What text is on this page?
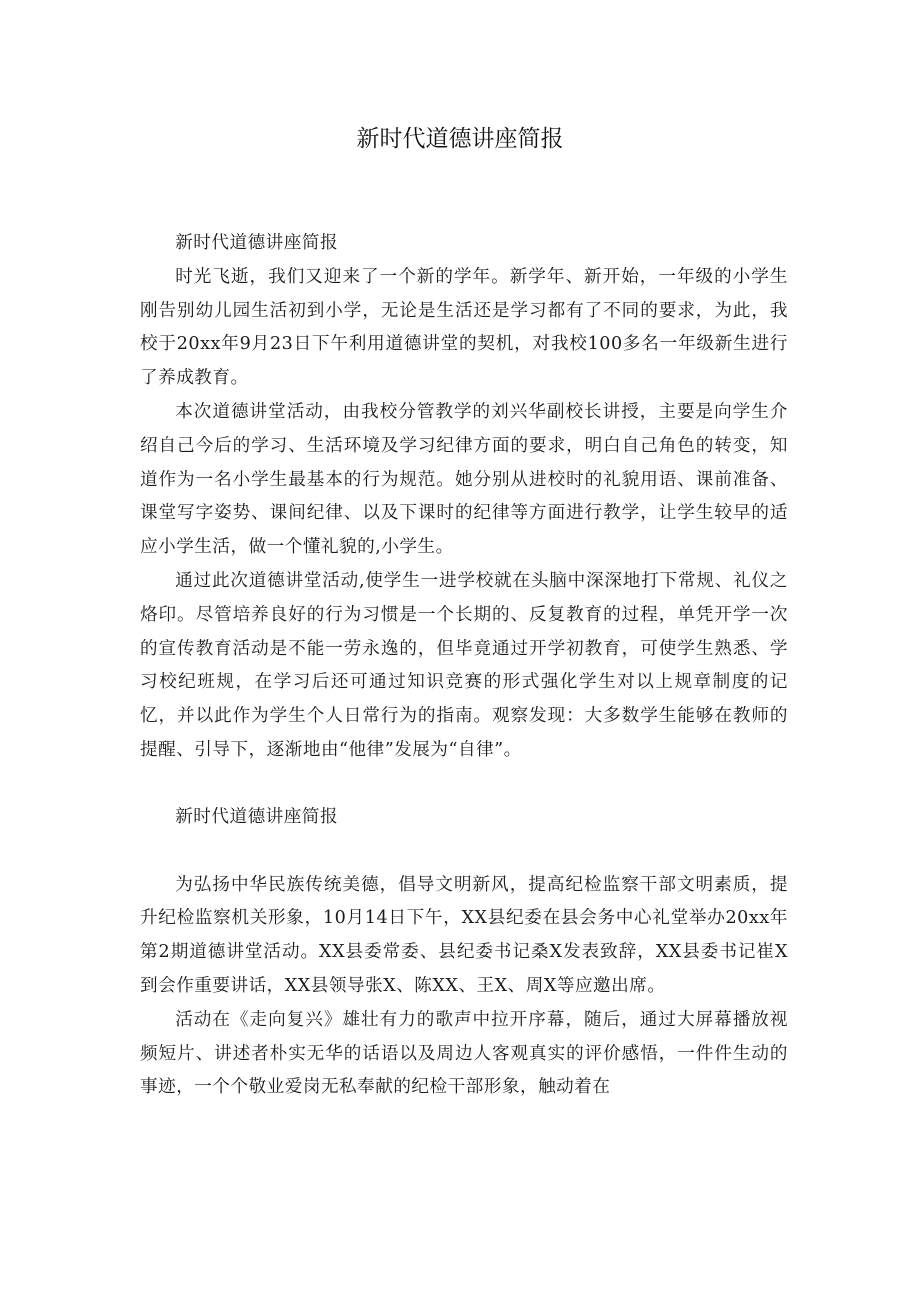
新时代道德讲座简报

新时代道德讲座简报

时光飞逝，我们又迎来了一个新的学年。新学年、新开始，一年级的小学生刚告别幼儿园生活初到小学，无论是生活还是学习都有了不同的要求，为此，我校于20xx年9月23日下午利用道德讲堂的契机，对我校100多名一年级新生进行了养成教育。

本次道德讲堂活动，由我校分管教学的刘兴华副校长讲授，主要是向学生介绍自己今后的学习、生活环境及学习纪律方面的要求，明白自己角色的转变，知道作为一名小学生最基本的行为规范。她分别从进校时的礼貌用语、课前准备、课堂写字姿势、课间纪律、以及下课时的纪律等方面进行教学，让学生较早的适应小学生活，做一个懂礼貌的,小学生。

通过此次道德讲堂活动,使学生一进学校就在头脑中深深地打下常规、礼仪之烙印。尽管培养良好的行为习惯是一个长期的、反复教育的过程，单凭开学一次的宣传教育活动是不能一劳永逸的，但毕竟通过开学初教育，可使学生熟悉、学习校纪班规，在学习后还可通过知识竞赛的形式强化学生对以上规章制度的记忆，并以此作为学生个人日常行为的指南。观察发现：大多数学生能够在教师的提醒、引导下，逐渐地由“他律”发展为“自律”。

新时代道德讲座简报

为弘扬中华民族传统美德，倡导文明新风，提高纪检监察干部文明素质，提升纪检监察机关形象，10月14日下午，XX县纪委在县会务中心礼堂举办20xx年第2期道德讲堂活动。XX县委常委、县纪委书记桑X发表致辞，XX县委书记崔X到会作重要讲话，XX县领导张X、陈XX、王X、周X等应邀出席。

活动在《走向复兴》雄壮有力的歌声中拉开序幕，随后，通过大屏幕播放视频短片、讲述者朴实无华的话语以及周边人客观真实的评价感悟，一件件生动的事迹，一个个敬业爱岗无私奉献的纪检干部形象，触动着在
